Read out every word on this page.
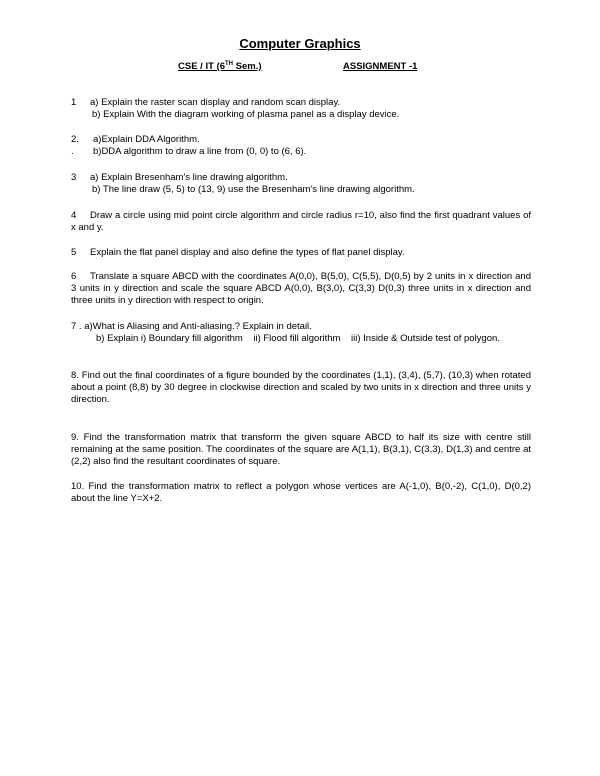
Computer Graphics
CSE / IT (6TH Sem.)	ASSIGNMENT -1
1 a) Explain the raster scan display and random scan display.
b) Explain With the diagram working of plasma panel as a display device.
2. a)Explain DDA Algorithm.
. b)DDA algorithm to draw a line from (0, 0) to (6, 6).
3 a) Explain Bresenham's line drawing algorithm.
b) The line draw (5, 5) to (13, 9) use the Bresenham's line drawing algorithm.
4 Draw a circle using mid point circle algorithm and circle radius r=10, also find the first quadrant values of x and y.
5 Explain the flat panel display and also define the types of flat panel display.
6 Translate a square ABCD with the coordinates A(0,0), B(5,0), C(5,5), D(0,5) by 2 units in x direction and 3 units in y direction and scale the square ABCD A(0,0), B(3,0), C(3,3) D(0,3) three units in x direction and three units in y direction with respect to origin.
7 . a)What is Aliasing and Anti-aliasing.? Explain in detail.
b) Explain i) Boundary fill algorithm    ii) Flood fill algorithm    iii) Inside & Outside test of polygon.
8. Find out the final coordinates of a figure bounded by the coordinates (1,1), (3,4), (5,7), (10,3) when rotated about a point (8,8) by 30 degree in clockwise direction and scaled by two units in x direction and three units y direction.
9. Find the transformation matrix that transform the given square ABCD to half its size with centre still remaining at the same position. The coordinates of the square are A(1,1), B(3,1), C(3,3), D(1,3) and centre at (2,2) also find the resultant coordinates of square.
10. Find the transformation matrix to reflect a polygon whose vertices are A(-1,0), B(0,-2), C(1,0), D(0,2) about the line Y=X+2.
